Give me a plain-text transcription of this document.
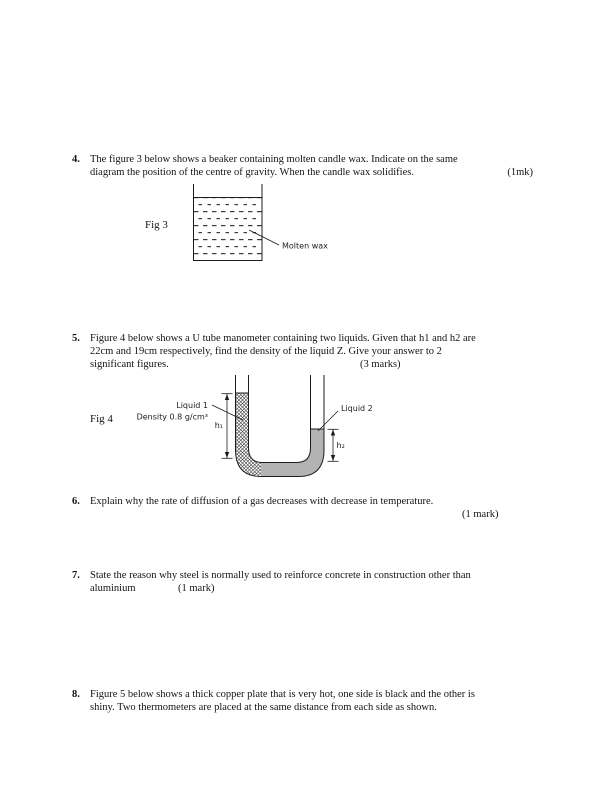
4. The figure 3 below shows a beaker containing molten candle wax. Indicate on the same
diagram the position of the centre of gravity. When the candle wax solidifies.	(1mk)
Fig 3
Molten wax
5. Figure 4 below shows a U tube manometer containing two liquids. Given that h1 and h2 are
22cm and 19cm respectively, find the density of the liquid Z. Give your answer to 2
significant figures.	(3 marks)
Fig 4
Liquid 1
Density 0.8 g/cm³
h₁
Liquid 2
h₂
6. Explain why the rate of diffusion of a gas decreases with decrease in temperature.
(1 mark)
7. State the reason why steel is normally used to reinforce concrete in construction other than
aluminium	(1 mark)
8. Figure 5 below shows a thick copper plate that is very hot, one side is black and the other is
shiny. Two thermometers are placed at the same distance from each side as shown.
